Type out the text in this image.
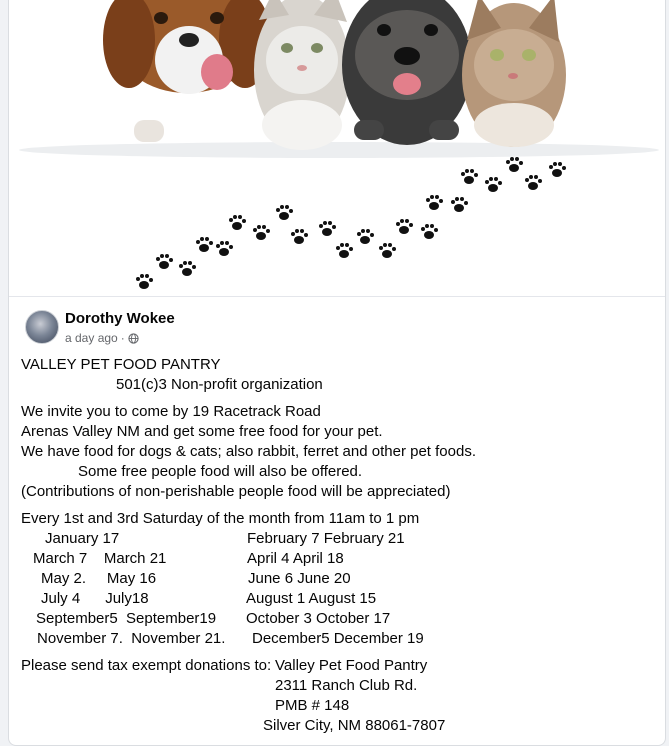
Dorothy Wokee
a day ago ·
VALLEY PET FOOD PANTRY
501(c)3 Non-profit organization
We invite you to come by 19 Racetrack Road
Arenas Valley NM and get some free food for your pet.
We have food for dogs & cats; also rabbit, ferret and other pet foods.
Some free people food will also be offered.
(Contributions of non-perishable people food will be appreciated)
Every 1st and 3rd Saturday of the month from 11am to 1 pm
January 17	February 7 February 21
March 7    March 21	April 4 April 18
May 2.     May 16	June 6 June 20
July 4      July18	August 1 August 15
September5  September19 October 3 October 17
November 7.  November 21. December5 December 19
Please send tax exempt donations to: Valley Pet Food Pantry
2311 Ranch Club Rd.
PMB # 148
Silver City, NM 88061-7807
